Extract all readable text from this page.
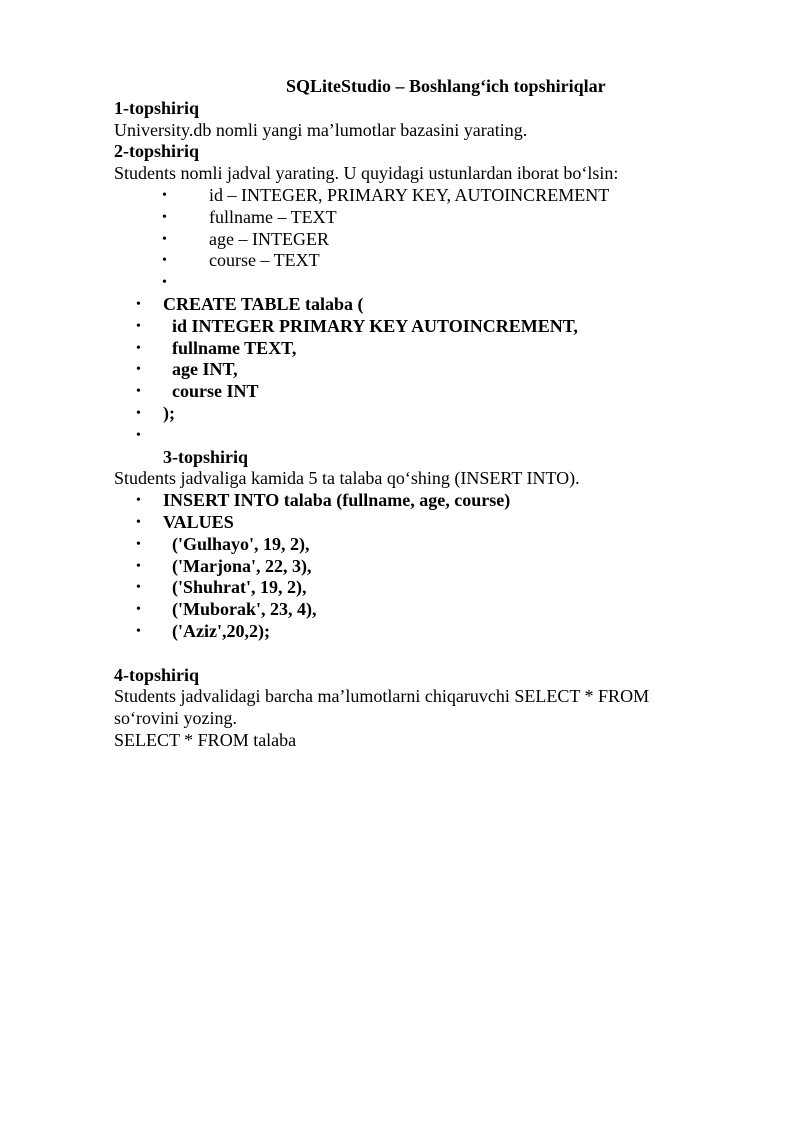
SQLiteStudio – Boshlang‘ich topshiriqlar
1-topshiriq
University.db nomli yangi ma’lumotlar bazasini yarating.
2-topshiriq
Students nomli jadval yarating. U quyidagi ustunlardan iborat bo‘lsin:
• id – INTEGER, PRIMARY KEY, AUTOINCREMENT
• fullname – TEXT
• age – INTEGER
• course – TEXT
•
• CREATE TABLE talaba (
• id INTEGER PRIMARY KEY AUTOINCREMENT,
• fullname TEXT,
• age INT,
• course INT
• );
•
3-topshiriq
Students jadvaliga kamida 5 ta talaba qo‘shing (INSERT INTO).
• INSERT INTO talaba (fullname, age, course)
• VALUES
• ('Gulhayo', 19, 2),
• ('Marjona', 22, 3),
• ('Shuhrat', 19, 2),
• ('Muborak', 23, 4),
• ('Aziz',20,2);
4-topshiriq
Students jadvalidagi barcha ma’lumotlarni chiqaruvchi SELECT * FROM
so‘rovini yozing.
SELECT * FROM talaba
